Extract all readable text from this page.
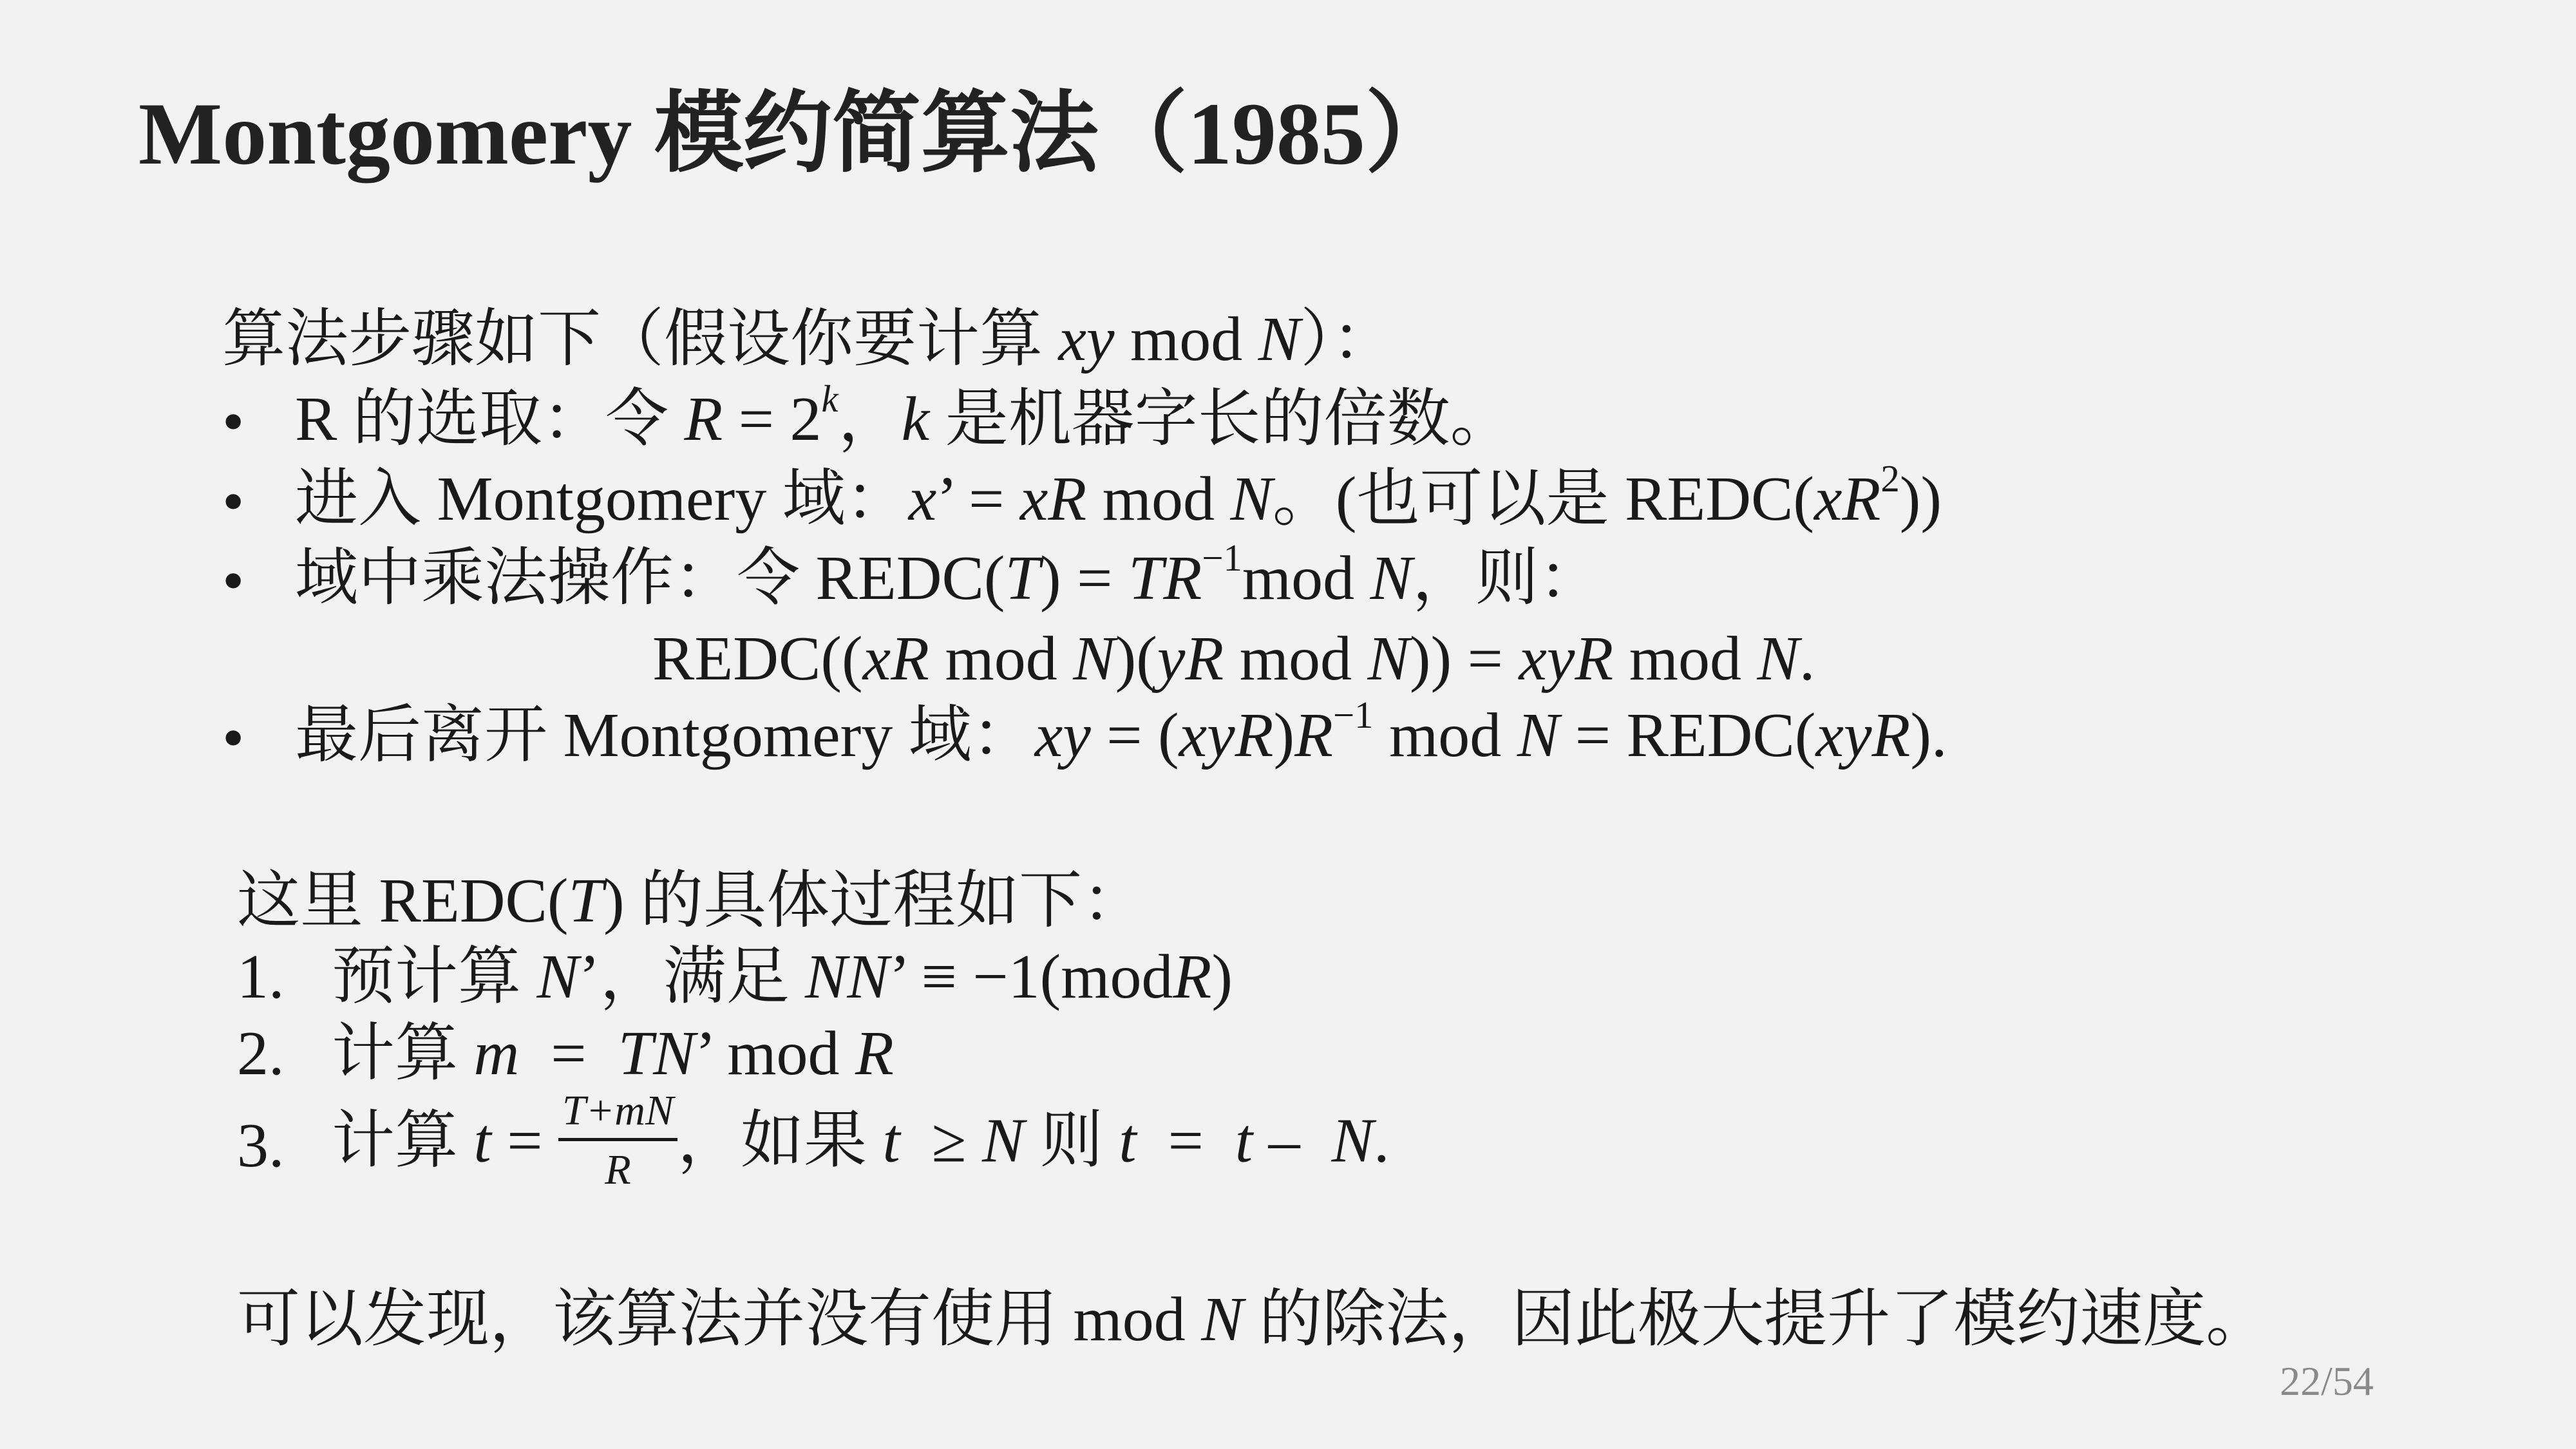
Montgomery 模约简算法（1985）
算法步骤如下（假设你要计算 xy mod N）：
• R 的选取：令 $R = 2^k$，k 是机器字长的倍数。
• 进入 Montgomery 域：x’ = xR mod N。(也可以是 $REDC(xR^2)$)
• 域中乘法操作：令 REDC(T) = $TR^{-1}mod$ N，则：
REDC((xR mod N)(yR mod N)) = xyR mod N.
• 最后离开 Montgomery 域：xy = $(xyR)R^{-1}$ mod N = REDC(xyR).
这里 REDC(T) 的具体过程如下：
1. 预计算 N’，满足 NN’ ≡ −1(modR)
2. 计算 m  =  TN’ mod R
3. 计算 $t = \frac{T+mN}{R}$ ，如果 t  ≥ N 则 t  =  t –  N.
可以发现，该算法并没有使用 mod N 的除法，因此极大提升了模约速度。
22/54
